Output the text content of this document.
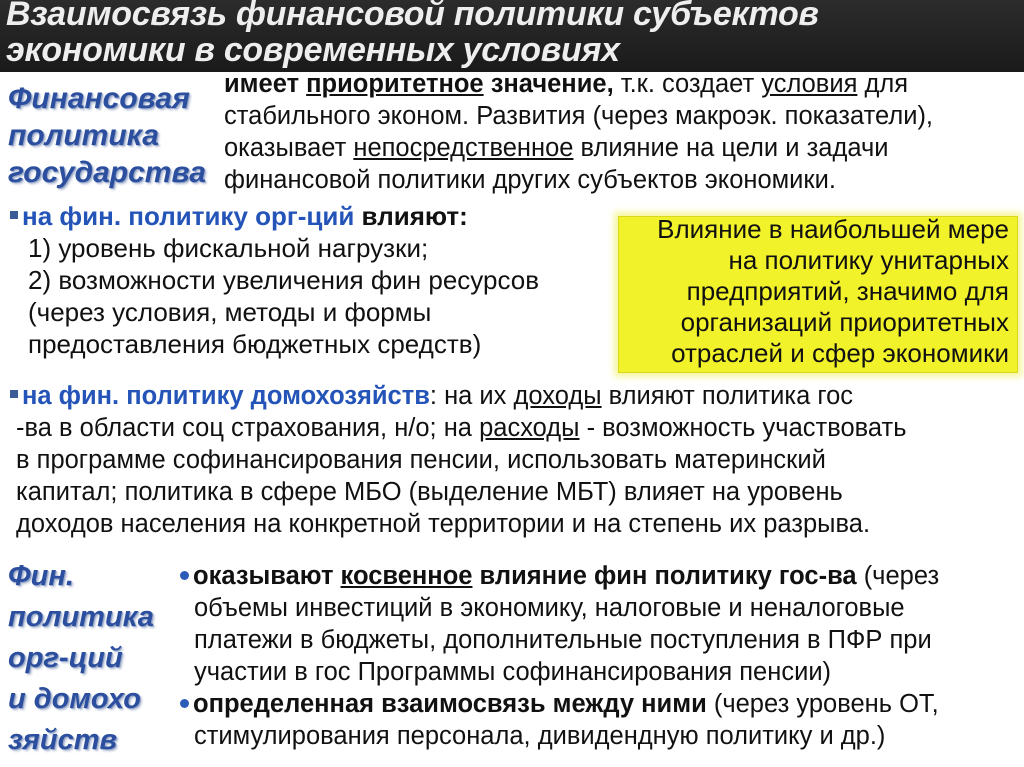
Взаимосвязь финансовой политики субъектов
экономики в современных условиях
Финансовая
политика
государства
имеет приоритетное значение, т.к. создает условия для
стабильного эконом. Развития (через макроэк. показатели),
оказывает непосредственное влияние на цели и задачи
финансовой политики других субъектов экономики.
на фин. политику орг-ций влияют:
1) уровень фискальной нагрузки;
2) возможности увеличения фин ресурсов
(через условия, методы и формы
предоставления бюджетных средств)
Влияние в наибольшей мере
на политику унитарных
предприятий, значимо для
организаций приоритетных
отраслей и сфер экономики
на фин. политику домохозяйств: на их доходы влияют политика гос
-ва в области соц страхования, н/о; на расходы - возможность участвовать
в программе софинансирования пенсии, использовать материнский
капитал; политика в сфере МБО (выделение МБТ) влияет на уровень
доходов населения на конкретной территории и на степень их разрыва.
Фин.
политика
орг-ций
и домохо
зяйств
оказывают косвенное влияние фин политику гос-ва (через
объемы инвестиций в экономику, налоговые и неналоговые
платежи в бюджеты, дополнительные поступления в ПФР при
участии в гос Программы софинансирования пенсии)
определенная взаимосвязь между ними (через уровень ОТ,
стимулирования персонала, дивидендную политику и др.)
